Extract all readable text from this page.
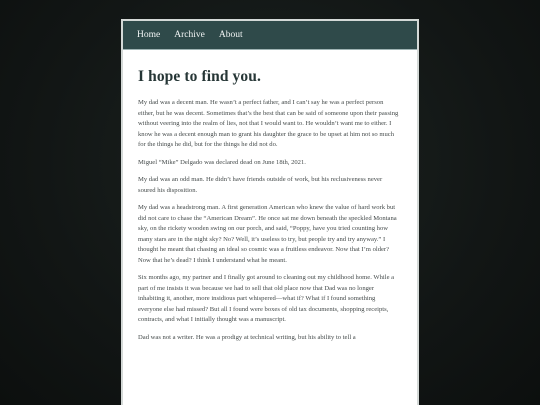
Home Archive About
I hope to find you.

My dad was a decent man. He wasn’t a perfect father, and I can’t say he was a perfect person either, but he was decent. Sometimes that’s the best that can be said of someone upon their passing without veering into the realm of lies, not that I would want to. He wouldn’t want me to either. I know he was a decent enough man to grant his daughter the grace to be upset at him not so much for the things he did, but for the things he did not do.

Miguel “Mike” Delgado was declared dead on June 18th, 2021.

My dad was an odd man. He didn’t have friends outside of work, but his reclusiveness never soured his disposition.

My dad was a headstrong man. A first generation American who knew the value of hard work but did not care to chase the “American Dream”. He once sat me down beneath the speckled Montana sky, on the rickety wooden swing on our porch, and said, “Poppy, have you tried counting how many stars are in the night sky? No? Well, it’s useless to try, but people try and try anyway.” I thought he meant that chasing an ideal so cosmic was a fruitless endeavor. Now that I’m older? Now that he’s dead? I think I understand what he meant.

Six months ago, my partner and I finally got around to cleaning out my childhood home. While a part of me insists it was because we had to sell that old place now that Dad was no longer inhabiting it, another, more insidious part whispered—what if? What if I found something everyone else had missed? But all I found were boxes of old tax documents, shopping receipts, contracts, and what I initially thought was a manuscript.

Dad was not a writer. He was a prodigy at technical writing, but his ability to tell a
